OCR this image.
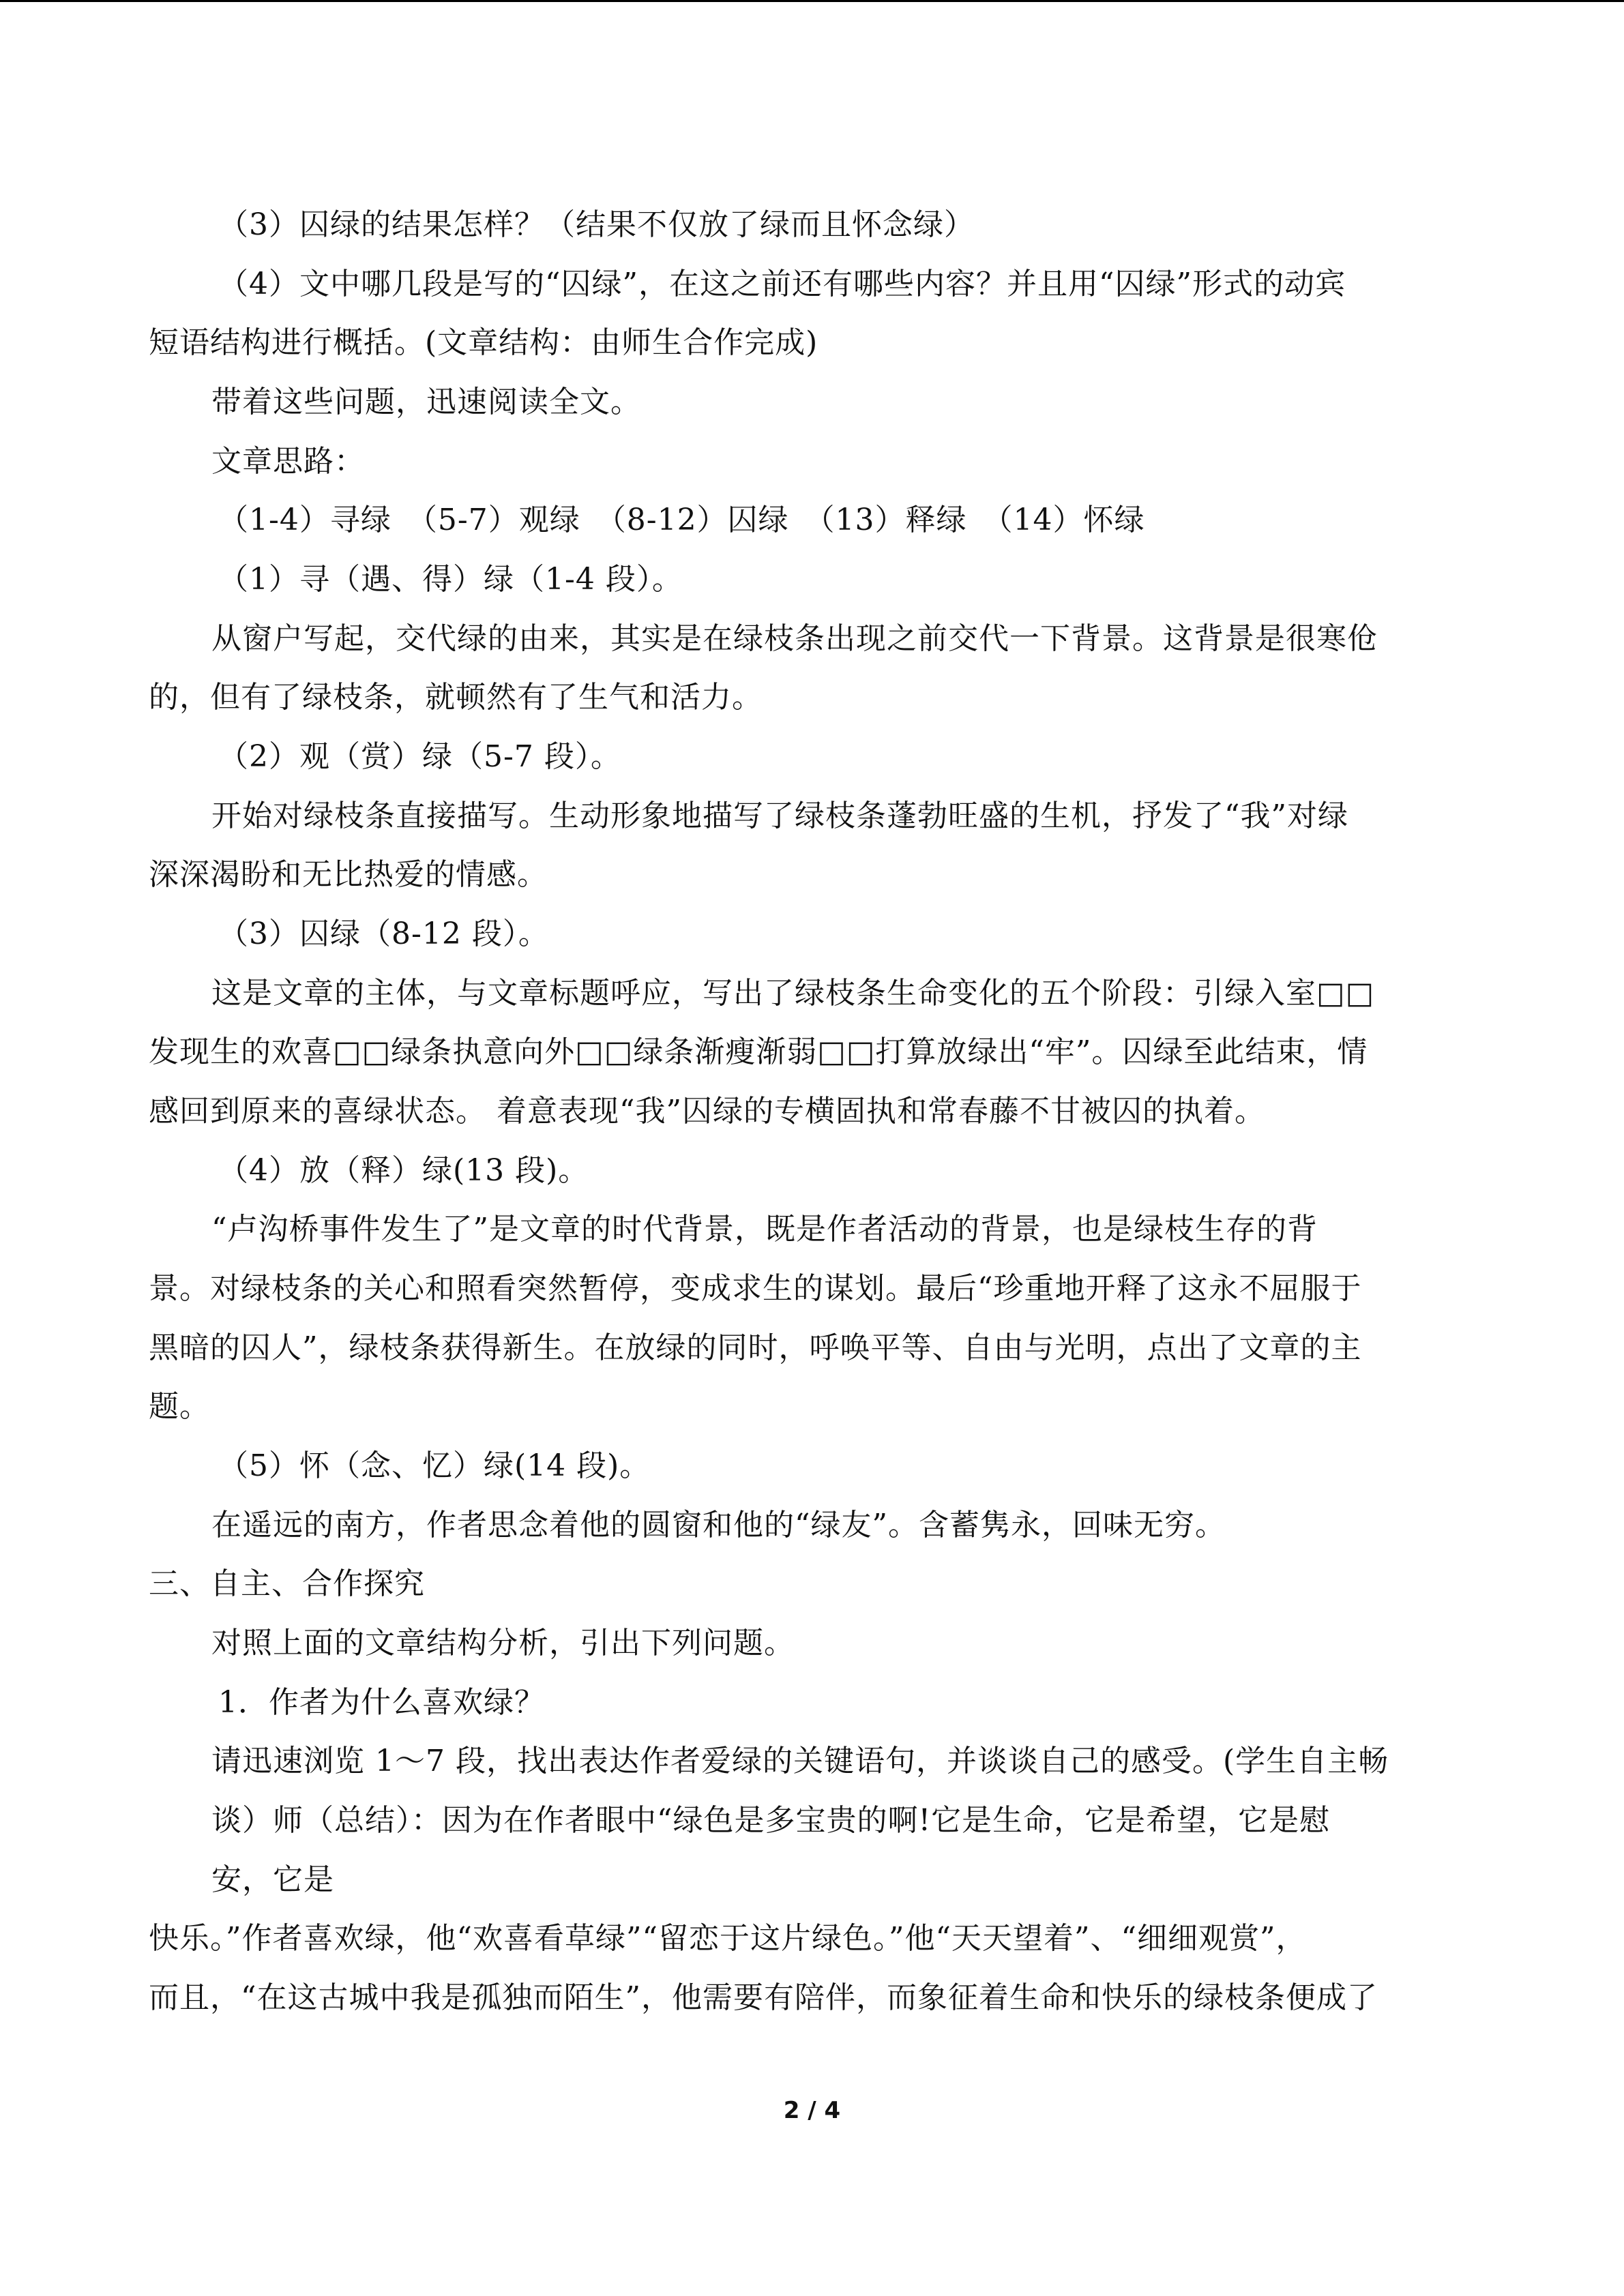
（3）囚绿的结果怎样？（结果不仅放了绿而且怀念绿）
（4）文中哪几段是写的“囚绿”，在这之前还有哪些内容？并且用“囚绿”形式的动宾
短语结构进行概括。(文章结构：由师生合作完成)
带着这些问题，迅速阅读全文。
文章思路：
（1-4）寻绿　（5-7）观绿　（8-12）囚绿　（13）释绿　（14）怀绿
（1）寻（遇、得）绿（1-4 段）。
从窗户写起，交代绿的由来，其实是在绿枝条出现之前交代一下背景。这背景是很寒伧
的，但有了绿枝条，就顿然有了生气和活力。
（2）观（赏）绿（5-7 段）。
开始对绿枝条直接描写。生动形象地描写了绿枝条蓬勃旺盛的生机，抒发了“我”对绿
深深渴盼和无比热爱的情感。
（3）囚绿（8-12 段）。
这是文章的主体，与文章标题呼应，写出了绿枝条生命变化的五个阶段：引绿入室□□
发现生的欢喜□□绿条执意向外□□绿条渐瘦渐弱□□打算放绿出“牢”。囚绿至此结束，情
感回到原来的喜绿状态。 着意表现“我”囚绿的专横固执和常春藤不甘被囚的执着。
（4）放（释）绿(13 段)。
“卢沟桥事件发生了”是文章的时代背景，既是作者活动的背景，也是绿枝生存的背
景。对绿枝条的关心和照看突然暂停，变成求生的谋划。最后“珍重地开释了这永不屈服于
黑暗的囚人”，绿枝条获得新生。在放绿的同时，呼唤平等、自由与光明，点出了文章的主
题。
（5）怀（念、忆）绿(14 段)。
在遥远的南方，作者思念着他的圆窗和他的“绿友”。含蓄隽永，回味无穷。
三、自主、合作探究
对照上面的文章结构分析，引出下列问题。
1．作者为什么喜欢绿？
请迅速浏览 1～7 段，找出表达作者爱绿的关键语句，并谈谈自己的感受。(学生自主畅
谈）师（总结）：因为在作者眼中“绿色是多宝贵的啊!它是生命，它是希望，它是慰
安，它是
快乐。”作者喜欢绿，他“欢喜看草绿”“留恋于这片绿色。”他“天天望着”、“细细观赏”，
而且，“在这古城中我是孤独而陌生”，他需要有陪伴，而象征着生命和快乐的绿枝条便成了
2 / 4
